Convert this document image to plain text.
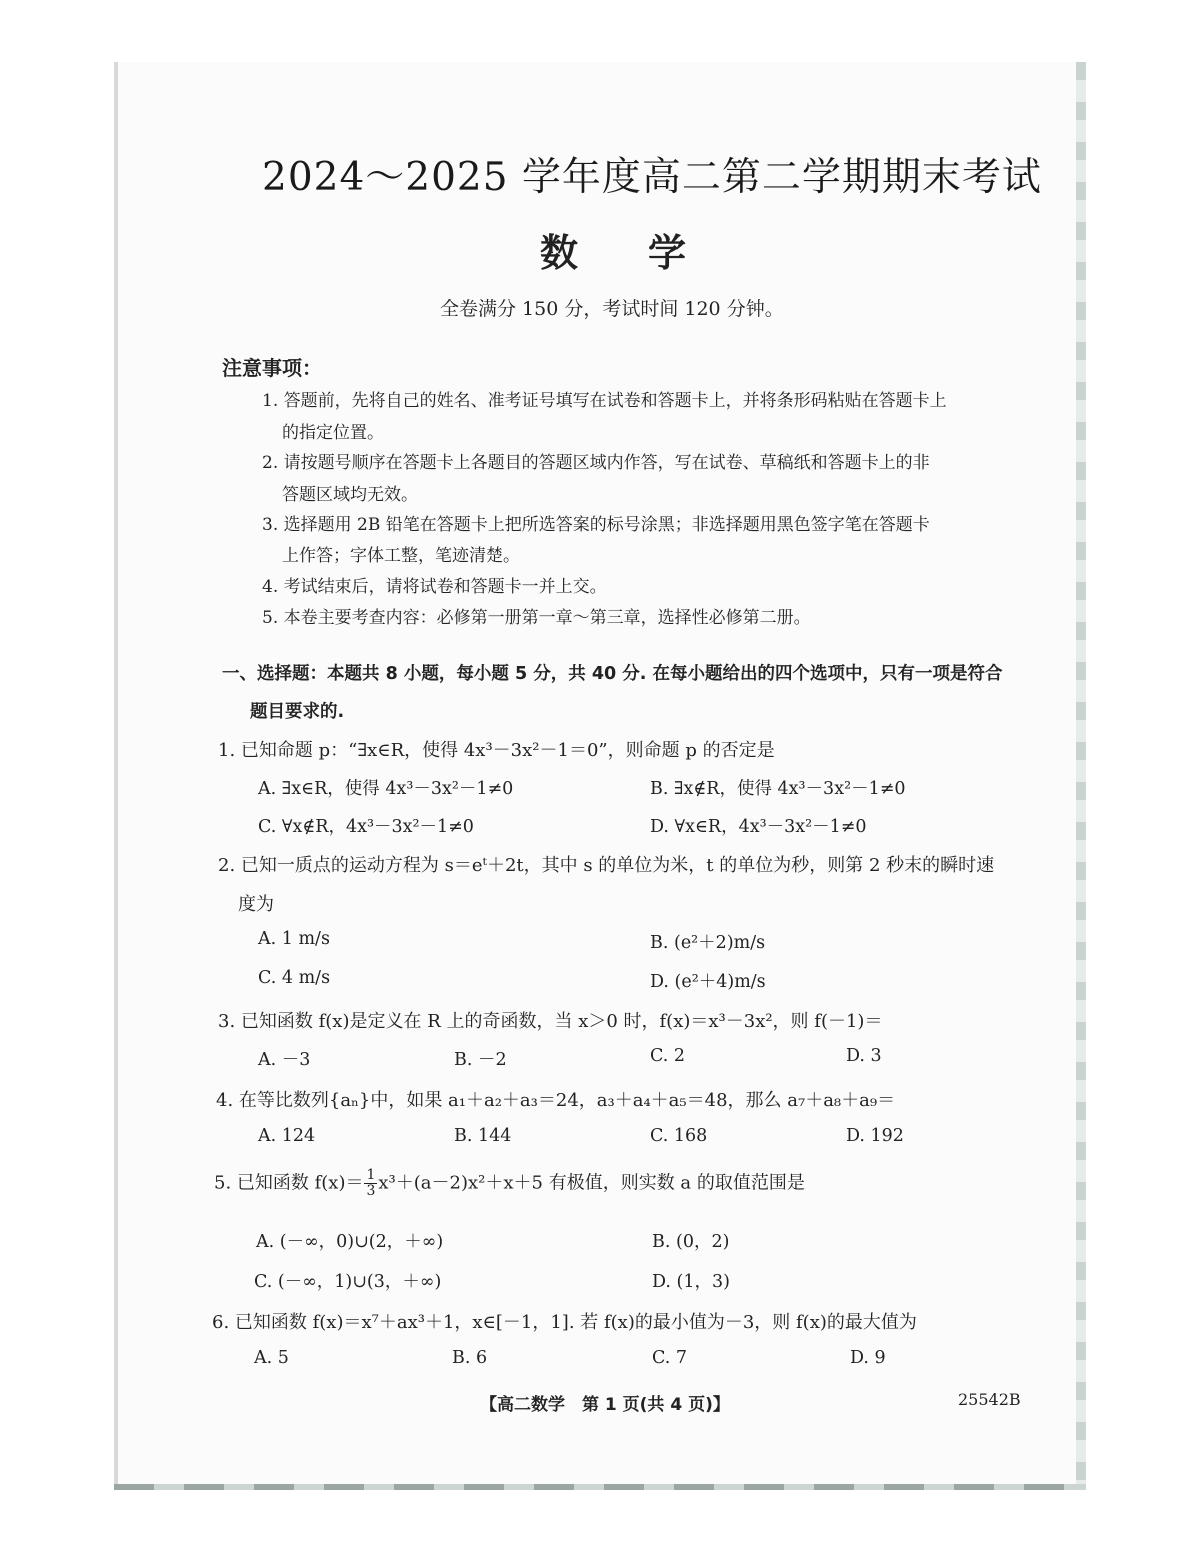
2024～2025 学年度高二第二学期期末考试
数学
全卷满分 150 分，考试时间 120 分钟。
注意事项：
1. 答题前，先将自己的姓名、准考证号填写在试卷和答题卡上，并将条形码粘贴在答题卡上
的指定位置。
2. 请按题号顺序在答题卡上各题目的答题区域内作答，写在试卷、草稿纸和答题卡上的非
答题区域均无效。
3. 选择题用 2B 铅笔在答题卡上把所选答案的标号涂黑；非选择题用黑色签字笔在答题卡
上作答；字体工整，笔迹清楚。
4. 考试结束后，请将试卷和答题卡一并上交。
5. 本卷主要考查内容：必修第一册第一章～第三章，选择性必修第二册。
一、选择题：本题共 8 小题，每小题 5 分，共 40 分. 在每小题给出的四个选项中，只有一项是符合
题目要求的.
1. 已知命题 p：“∃x∈R，使得 4x³－3x²－1＝0”，则命题 p 的否定是
A. ∃x∈R，使得 4x³－3x²－1≠0	B. ∃x∉R，使得 4x³－3x²－1≠0
C. ∀x∉R，4x³－3x²－1≠0	D. ∀x∈R，4x³－3x²－1≠0
2. 已知一质点的运动方程为 s＝eᵗ＋2t，其中 s 的单位为米，t 的单位为秒，则第 2 秒末的瞬时速
度为
A. 1 m/s	B. (e²＋2)m/s
C. 4 m/s	D. (e²＋4)m/s
3. 已知函数 f(x)是定义在 R 上的奇函数，当 x＞0 时，f(x)＝x³－3x²，则 f(－1)＝
A. －3	B. －2	C. 2	D. 3
4. 在等比数列{aₙ}中，如果 a₁＋a₂＋a₃＝24，a₃＋a₄＋a₅＝48，那么 a₇＋a₈＋a₉＝
A. 124	B. 144	C. 168	D. 192
5. 已知函数 $f(x)= \frac{1}{3} x^3+(a-2)x^2+x+5$ 有极值，则实数 a 的取值范围是
A. (－∞，0)∪(2，＋∞)	B. (0，2)
C. (－∞，1)∪(3，＋∞)	D. (1，3)
6. 已知函数 f(x)＝x⁷＋ax³＋1，x∈[－1，1]. 若 f(x)的最小值为－3，则 f(x)的最大值为
A. 5	B. 6	C. 7	D. 9
【高二数学　第 1 页(共 4 页)】	25542B
